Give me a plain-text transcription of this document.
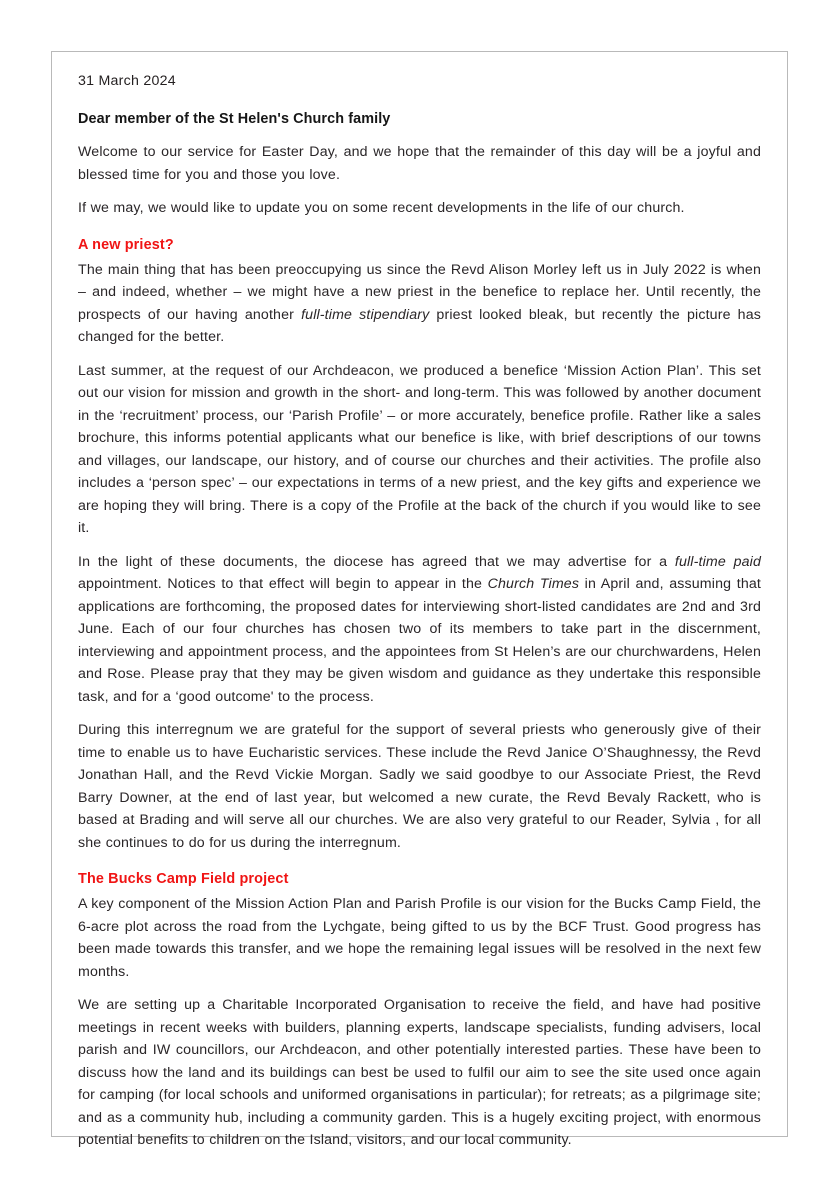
31 March 2024
Dear member of the St Helen's Church family

Welcome to our service for Easter Day, and we hope that the remainder of this day will be a joyful and blessed time for you and those you love.

If we may, we would like to update you on some recent developments in the life of our church.

A new priest?

The main thing that has been preoccupying us since the Revd Alison Morley left us in July 2022 is when – and indeed, whether – we might have a new priest in the benefice to replace her. Until recently, the prospects of our having another full-time stipendiary priest looked bleak, but recently the picture has changed for the better.

Last summer, at the request of our Archdeacon, we produced a benefice ‘Mission Action Plan’. This set out our vision for mission and growth in the short- and long-term. This was followed by another document in the ‘recruitment’ process, our ‘Parish Profile’ – or more accurately, benefice profile. Rather like a sales brochure, this informs potential applicants what our benefice is like, with brief descriptions of our towns and villages, our landscape, our history, and of course our churches and their activities. The profile also includes a ‘person spec’ – our expectations in terms of a new priest, and the key gifts and experience we are hoping they will bring. There is a copy of the Profile at the back of the church if you would like to see it.

In the light of these documents, the diocese has agreed that we may advertise for a full-time paid appointment. Notices to that effect will begin to appear in the Church Times in April and, assuming that applications are forthcoming, the proposed dates for interviewing short-listed candidates are 2nd and 3rd June. Each of our four churches has chosen two of its members to take part in the discernment, interviewing and appointment process, and the appointees from St Helen’s are our churchwardens, Helen and Rose. Please pray that they may be given wisdom and guidance as they undertake this responsible task, and for a ‘good outcome' to the process.

During this interregnum we are grateful for the support of several priests who generously give of their time to enable us to have Eucharistic services. These include the Revd Janice O’Shaughnessy, the Revd Jonathan Hall, and the Revd Vickie Morgan. Sadly we said goodbye to our Associate Priest, the Revd Barry Downer, at the end of last year, but welcomed a new curate, the Revd Bevaly Rackett, who is based at Brading and will serve all our churches. We are also very grateful to our Reader, Sylvia , for all she continues to do for us during the interregnum.

The Bucks Camp Field project

A key component of the Mission Action Plan and Parish Profile is our vision for the Bucks Camp Field, the 6-acre plot across the road from the Lychgate, being gifted to us by the BCF Trust. Good progress has been made towards this transfer, and we hope the remaining legal issues will be resolved in the next few months.

We are setting up a Charitable Incorporated Organisation to receive the field, and have had positive meetings in recent weeks with builders, planning experts, landscape specialists, funding advisers, local parish and IW councillors, our Archdeacon, and other potentially interested parties. These have been to discuss how the land and its buildings can best be used to fulfil our aim to see the site used once again for camping (for local schools and uniformed organisations in particular); for retreats; as a pilgrimage site; and as a community hub, including a community garden. This is a hugely exciting project, with enormous potential benefits to children on the Island, visitors, and our local community.
